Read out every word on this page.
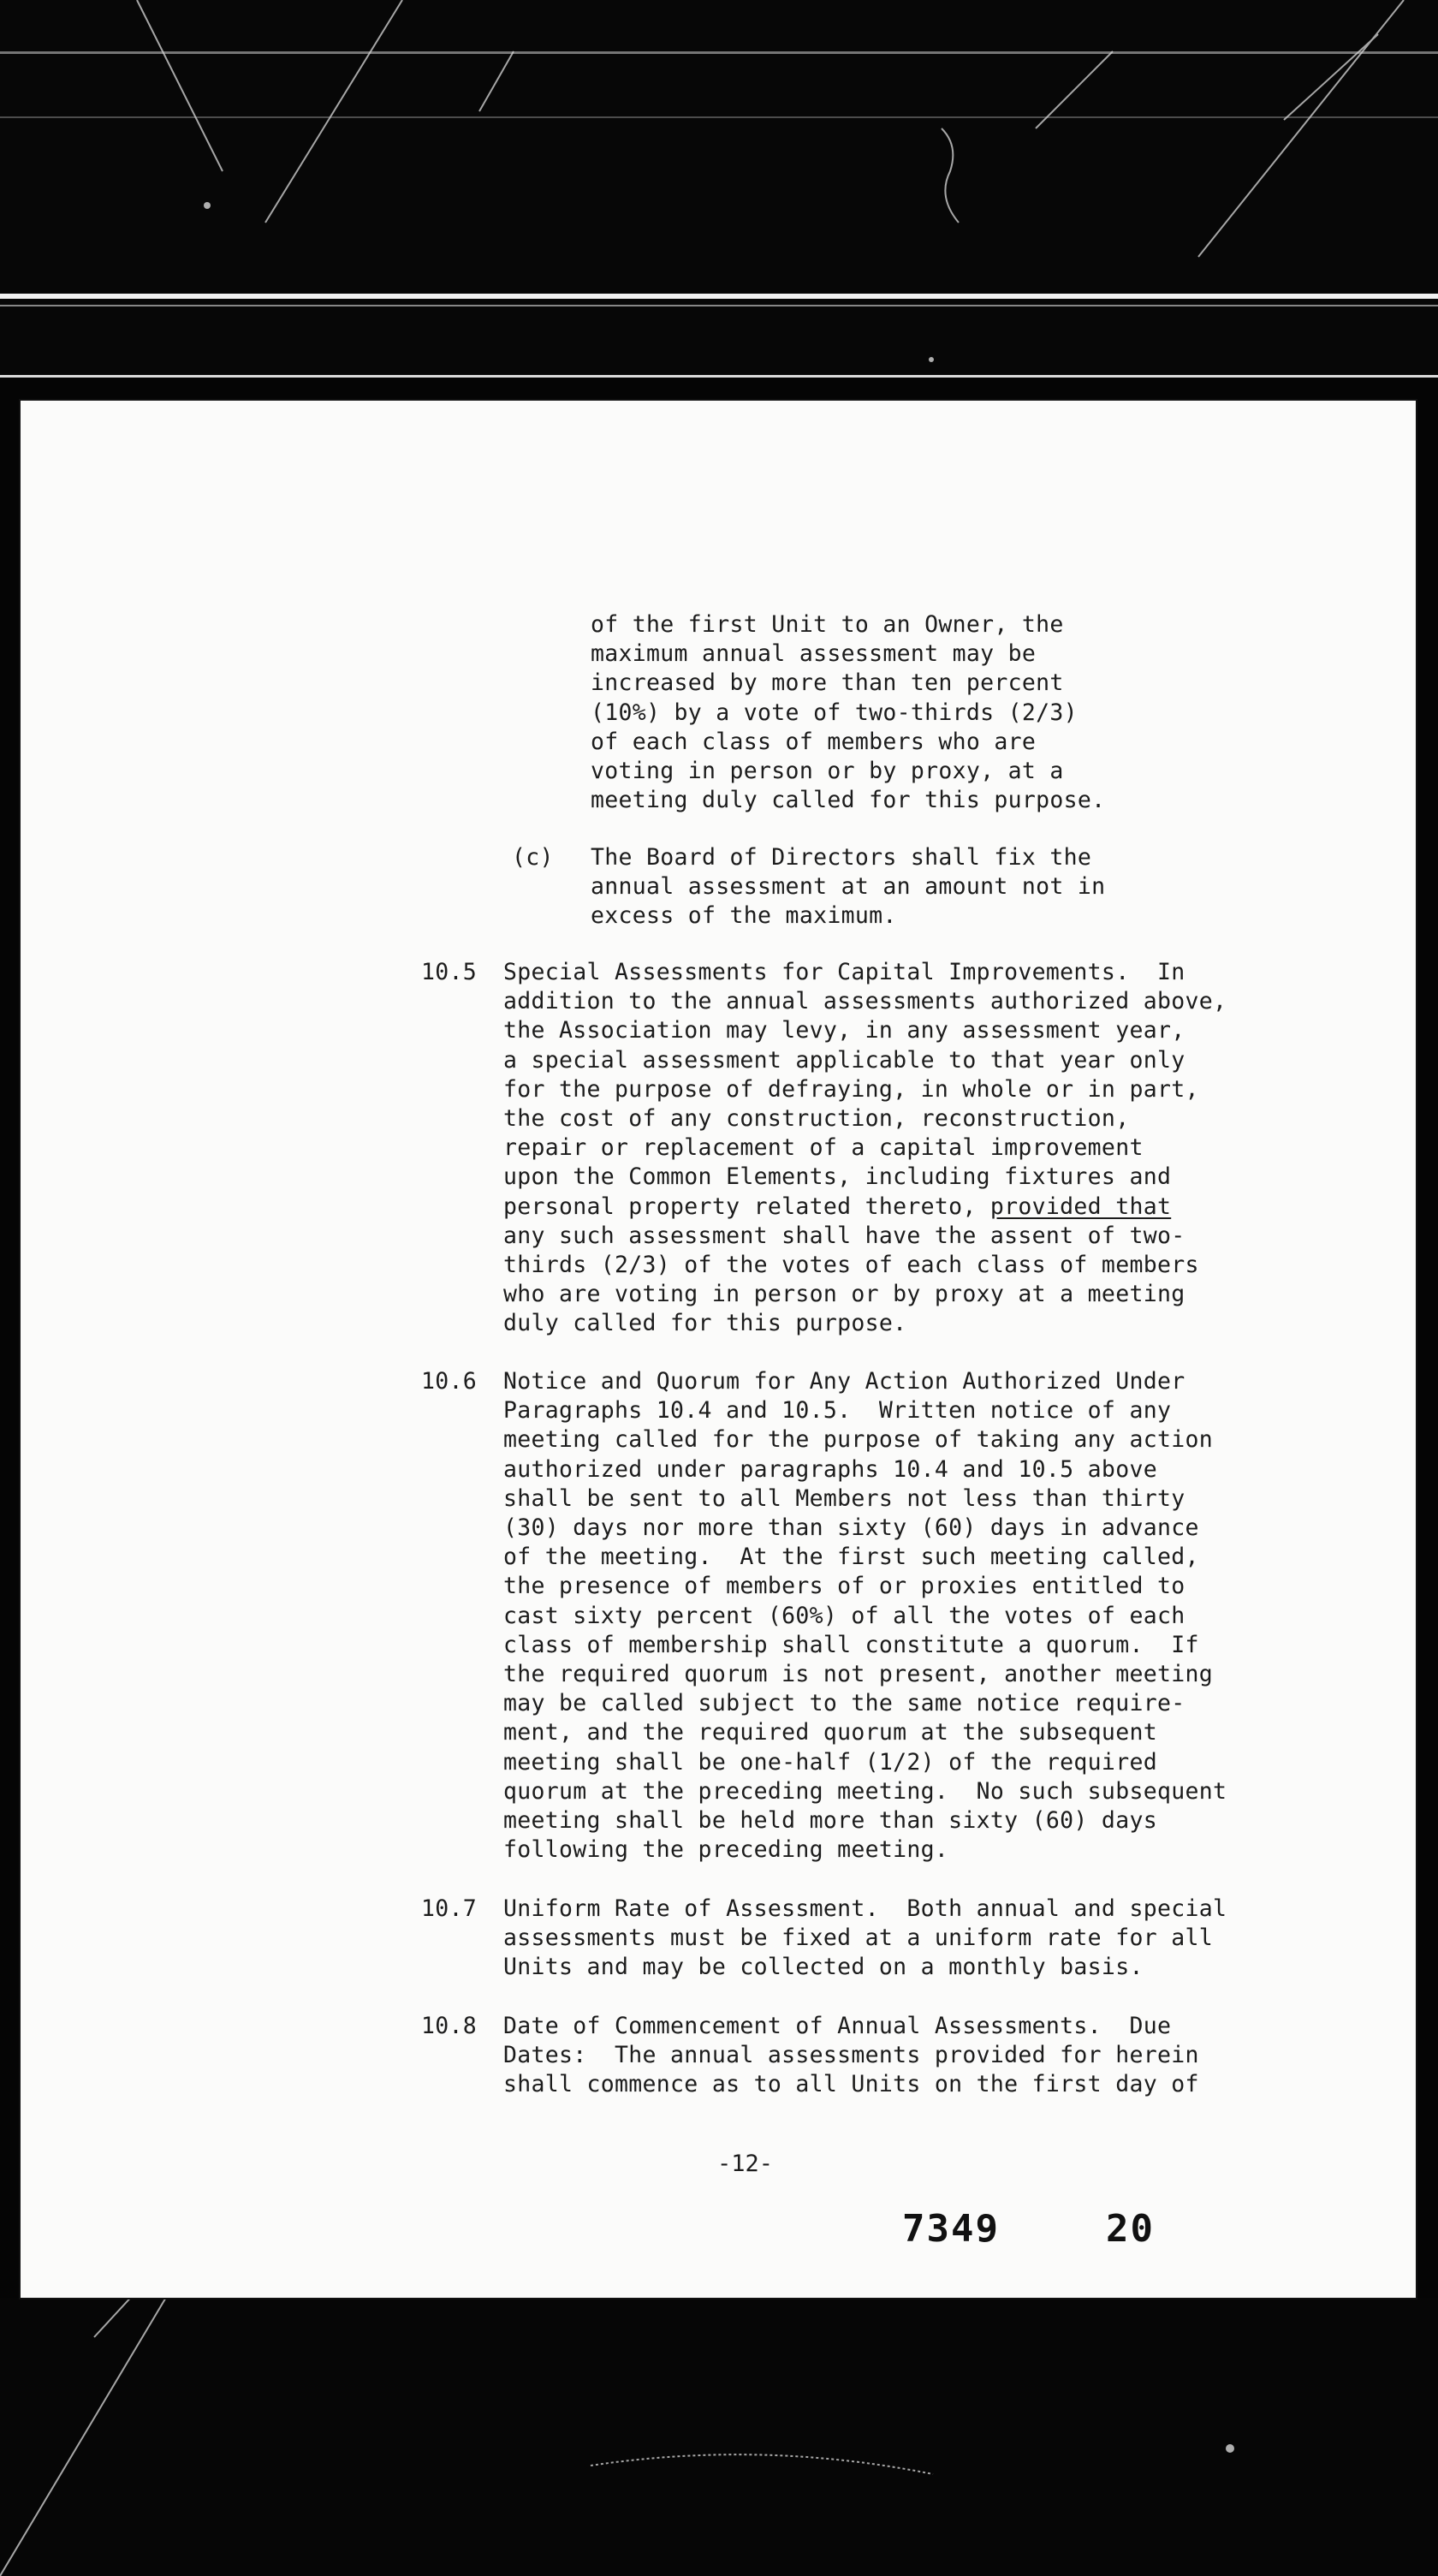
of the first Unit to an Owner, the
maximum annual assessment may be
increased by more than ten percent
(10%) by a vote of two-thirds (2/3)
of each class of members who are
voting in person or by proxy, at a
meeting duly called for this purpose.
(c) The Board of Directors shall fix the
annual assessment at an amount not in
excess of the maximum.
10.5 Special Assessments for Capital Improvements.  In
addition to the annual assessments authorized above,
the Association may levy, in any assessment year,
a special assessment applicable to that year only
for the purpose of defraying, in whole or in part,
the cost of any construction, reconstruction,
repair or replacement of a capital improvement
upon the Common Elements, including fixtures and
personal property related thereto, provided that
any such assessment shall have the assent of two-
thirds (2/3) of the votes of each class of members
who are voting in person or by proxy at a meeting
duly called for this purpose.
10.6 Notice and Quorum for Any Action Authorized Under
Paragraphs 10.4 and 10.5.  Written notice of any
meeting called for the purpose of taking any action
authorized under paragraphs 10.4 and 10.5 above
shall be sent to all Members not less than thirty
(30) days nor more than sixty (60) days in advance
of the meeting.  At the first such meeting called,
the presence of members of or proxies entitled to
cast sixty percent (60%) of all the votes of each
class of membership shall constitute a quorum.  If
the required quorum is not present, another meeting
may be called subject to the same notice require-
ment, and the required quorum at the subsequent
meeting shall be one-half (1/2) of the required
quorum at the preceding meeting.  No such subsequent
meeting shall be held more than sixty (60) days
following the preceding meeting.
10.7 Uniform Rate of Assessment.  Both annual and special
assessments must be fixed at a uniform rate for all
Units and may be collected on a monthly basis.
10.8 Date of Commencement of Annual Assessments.  Due
Dates:  The annual assessments provided for herein
shall commence as to all Units on the first day of
-12-
7349	20
